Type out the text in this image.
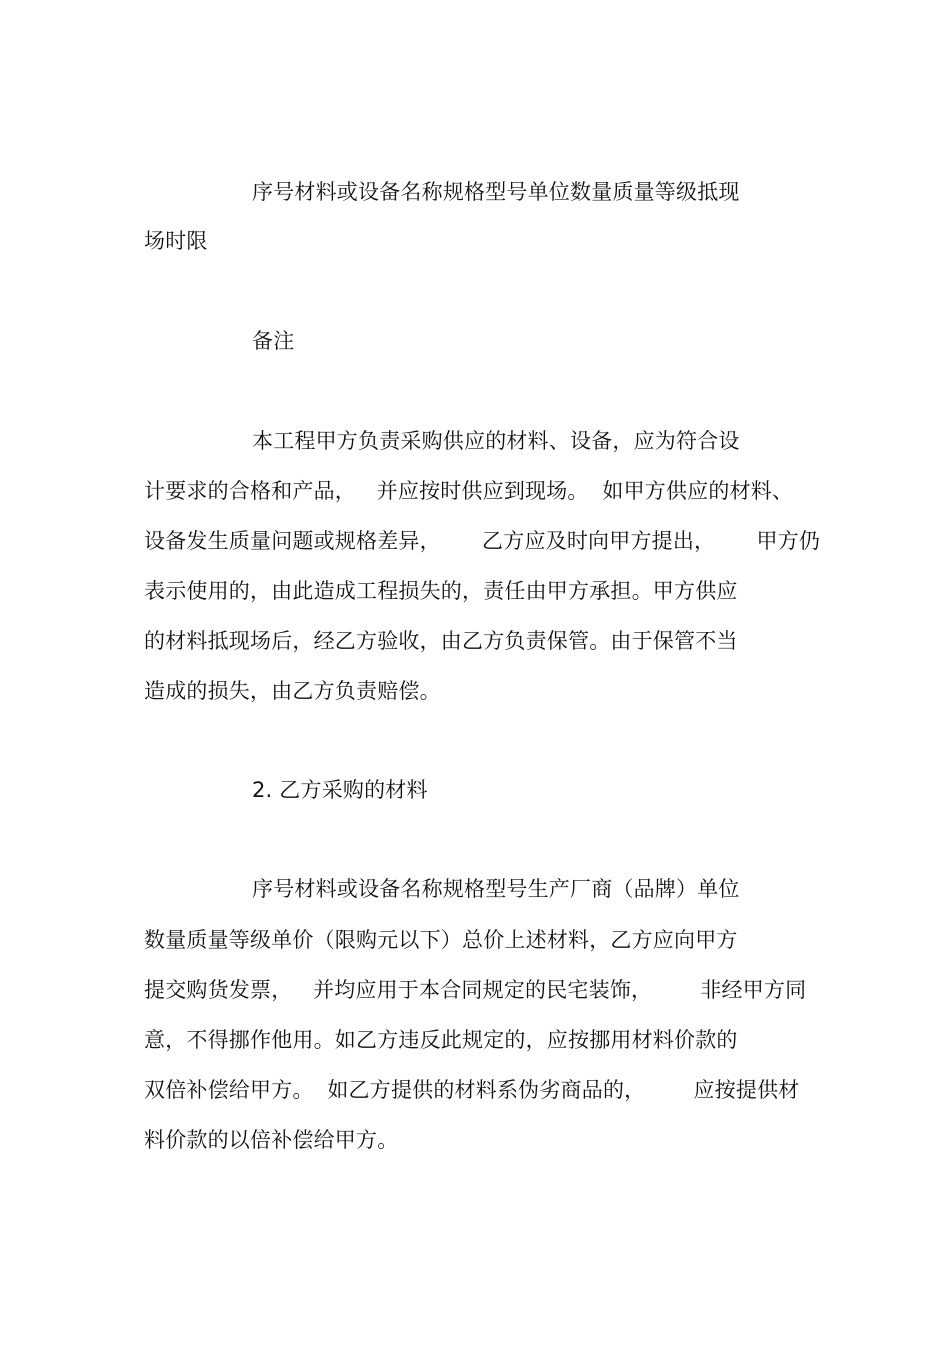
序号材料或设备名称规格型号单位数量质量等级抵现
场时限
备注
本工程甲方负责采购供应的材料、设备，应为符合设
计要求的合格和产品，   并应按时供应到现场。  如甲方供应的材料、
设备发生质量问题或规格差异，      乙方应及时向甲方提出，      甲方仍
表示使用的，由此造成工程损失的，责任由甲方承担。甲方供应
的材料抵现场后，经乙方验收，由乙方负责保管。由于保管不当
造成的损失，由乙方负责赔偿。
2. 乙方采购的材料
序号材料或设备名称规格型号生产厂商（品牌）单位
数量质量等级单价（限购元以下）总价上述材料，乙方应向甲方
提交购货发票，   并均应用于本合同规定的民宅装饰，       非经甲方同
意，不得挪作他用。如乙方违反此规定的，应按挪用材料价款的
双倍补偿给甲方。  如乙方提供的材料系伪劣商品的，       应按提供材
料价款的以倍补偿给甲方。
